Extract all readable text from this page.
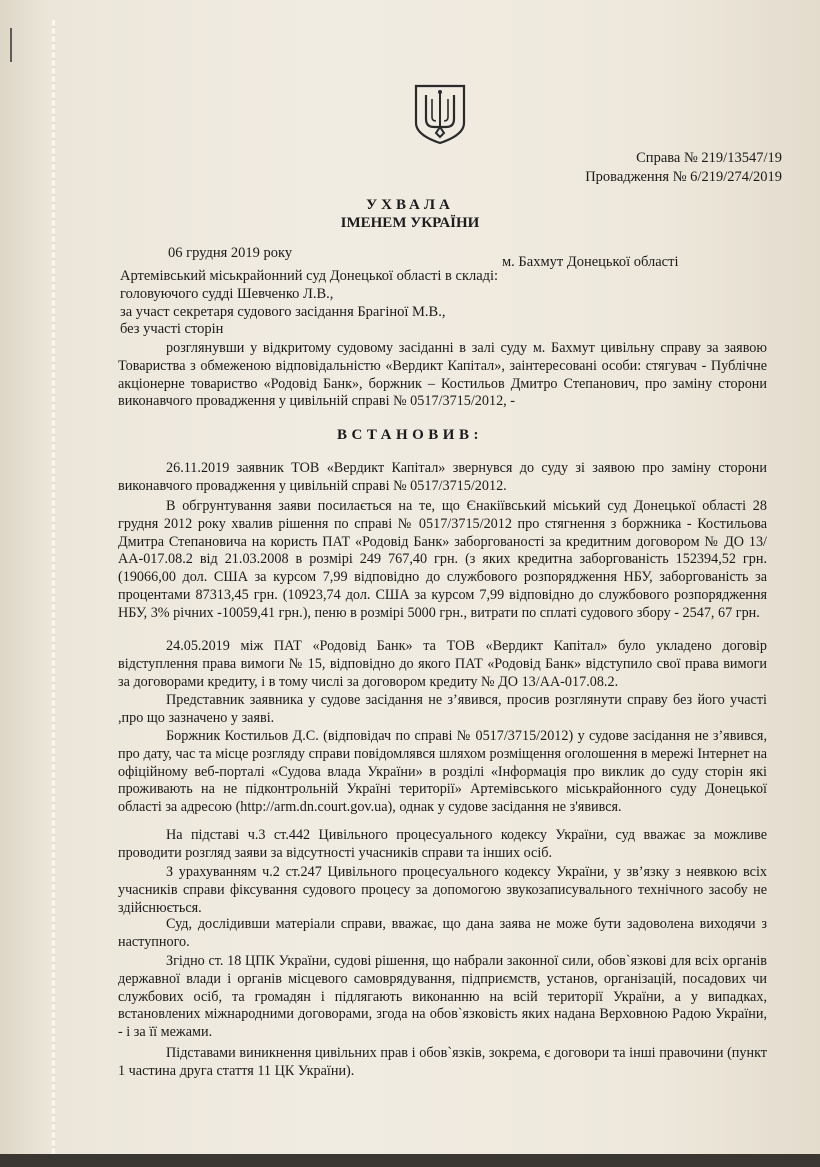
Справа № 219/13547/19
Провадження № 6/219/274/2019
УХВАЛА
ІМЕНЕМ УКРАЇНИ
06 грудня 2019 року
м. Бахмут Донецької області
Артемівський міськрайонний суд Донецької області в складі:
головуючого судді Шевченко Л.В.,
за участ секретаря судового засідання Брагіної М.В.,
без участі сторін

розглянувши у відкритому судовому засіданні в залі суду м. Бахмут цивільну справу за заявою Товариства з обмеженою відповідальністю «Вердикт Капітал», заінтересовані особи: стягувач - Публічне акціонерне товариство «Родовід Банк», боржник – Костильов Дмитро Степанович, про заміну сторони виконавчого провадження у цивільній справі № 0517/3715/2012, -

ВСТАНОВИВ:

26.11.2019 заявник ТОВ «Вердикт Капітал» звернувся до суду зі заявою про заміну сторони виконавчого провадження у цивільній справі № 0517/3715/2012.

В обгрунтування заяви посилається на те, що Єнакіївський міський суд Донецької області 28 грудня 2012 року хвалив рішення по справі № 0517/3715/2012 про стягнення з боржника - Костильова Дмитра Степановича на користь ПАТ «Родовід Банк» заборгованості за кредитним договором № ДО 13/АА-017.08.2 від 21.03.2008 в розмірі 249 767,40 грн. (з яких кредитна заборгованість 152394,52 грн. (19066,00 дол. США за курсом 7,99 відповідно до службового розпорядження НБУ, заборгованість за процентами 87313,45 грн. (10923,74 дол. США за курсом 7,99 відповідно до службового розпорядження НБУ, 3% річних -10059,41 грн.), пеню в розмірі 5000 грн., витрати по сплаті судового збору - 2547, 67 грн.

24.05.2019 між ПАТ «Родовід Банк» та ТОВ «Вердикт Капітал» було укладено договір відступлення права вимоги № 15, відповідно до якого ПАТ «Родовід Банк» відступило свої права вимоги за договорами кредиту, і в тому числі за договором кредиту № ДО 13/АА-017.08.2.

Представник заявника у судове засідання не з’явився, просив розглянути справу без його участі ,про що зазначено у заяві.

Боржник Костильов Д.С. (відповідач по справі № 0517/3715/2012) у судове засідання не з’явився, про дату, час та місце розгляду справи повідомлявся шляхом розміщення оголошення в мережі Інтернет на офіційному веб-порталі «Судова влада України» в розділі «Інформація про виклик до суду сторін які проживають на не підконтрольній Україні території» Артемівського міськрайонного суду Донецької області за адресою (http://arm.dn.court.gov.ua), однак у судове засідання не з'явився.

На підставі ч.3 ст.442 Цивільного процесуального кодексу України, суд вважає за можливе проводити розгляд заяви за відсутності учасників справи та інших осіб.

З урахуванням ч.2 ст.247 Цивільного процесуального кодексу України, у зв’язку з неявкою всіх учасників справи фіксування судового процесу за допомогою звукозаписувального технічного засобу не здійснюється.

Суд, дослідивши матеріали справи, вважає, що дана заява не може бути задоволена виходячи з наступного.

Згідно ст. 18 ЦПК України, судові рішення, що набрали законної сили, обов`язкові для всіх органів державної влади і органів місцевого самоврядування, підприємств, установ, організацій, посадових чи службових осіб, та громадян і підлягають виконанню на всій території України, а у випадках, встановлених міжнародними договорами, згода на обов`язковість яких надана Верховною Радою України, - і за її межами.

Підставами виникнення цивільних прав і обов`язків, зокрема, є договори та інші правочини (пункт 1 частина друга стаття 11 ЦК України).
